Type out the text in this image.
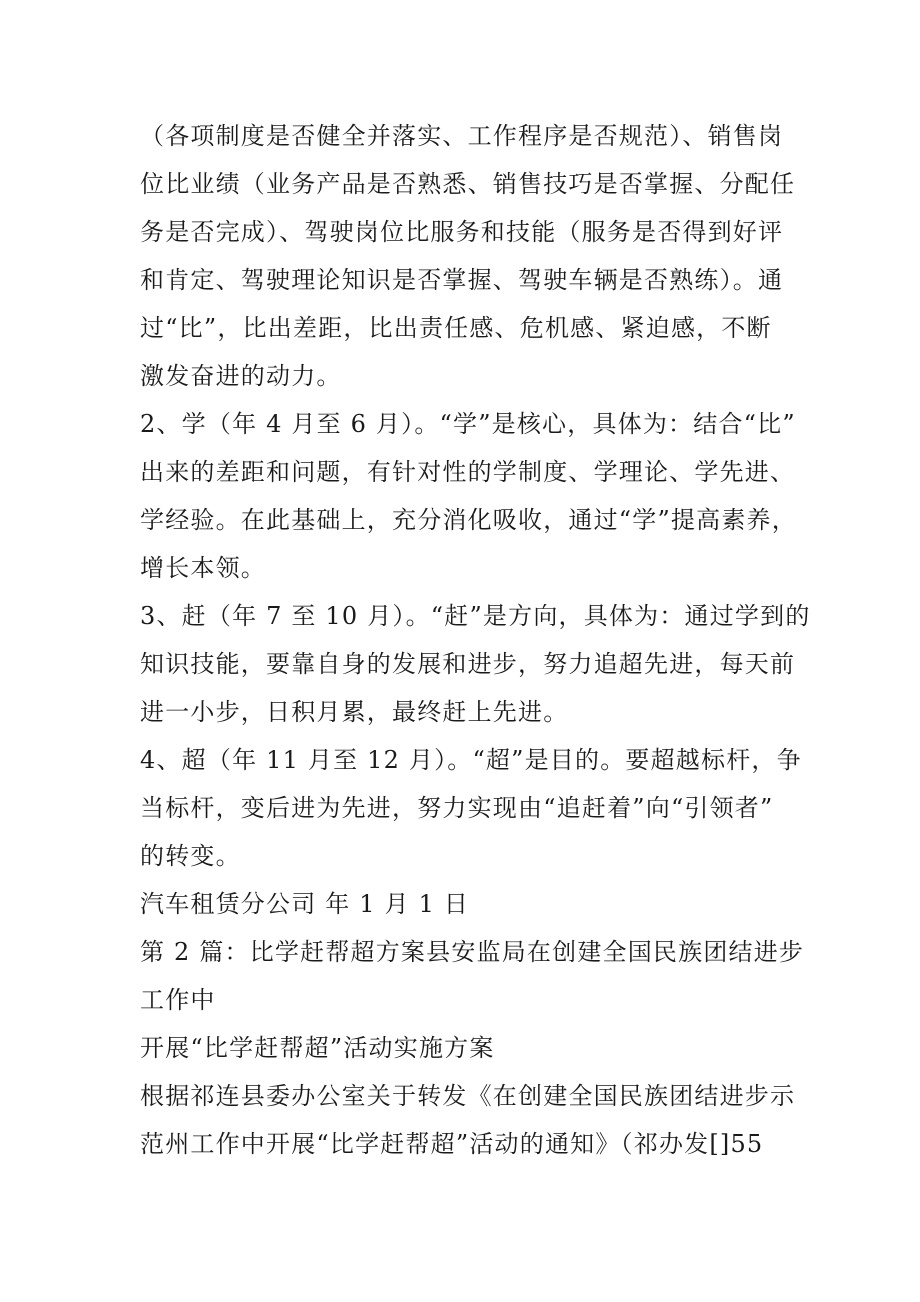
（各项制度是否健全并落实、工作程序是否规范）、销售岗
位比业绩（业务产品是否熟悉、销售技巧是否掌握、分配任
务是否完成）、驾驶岗位比服务和技能（服务是否得到好评
和肯定、驾驶理论知识是否掌握、驾驶车辆是否熟练）。通
过“比”，比出差距，比出责任感、危机感、紧迫感，不断
激发奋进的动力。
2、学（年 4 月至 6 月）。“学”是核心，具体为：结合“比”
出来的差距和问题，有针对性的学制度、学理论、学先进、
学经验。在此基础上，充分消化吸收，通过“学”提高素养，
增长本领。
3、赶（年 7 至 10 月）。“赶”是方向，具体为：通过学到的
知识技能，要靠自身的发展和进步，努力追超先进，每天前
进一小步，日积月累，最终赶上先进。
4、超（年 11 月至 12 月）。“超”是目的。要超越标杆，争
当标杆，变后进为先进，努力实现由“追赶着”向“引领者”
的转变。
汽车租赁分公司 年 1 月 1 日
第 2 篇：比学赶帮超方案县安监局在创建全国民族团结进步
工作中
开展“比学赶帮超”活动实施方案
根据祁连县委办公室关于转发《在创建全国民族团结进步示
范州工作中开展“比学赶帮超”活动的通知》（祁办发[]55
